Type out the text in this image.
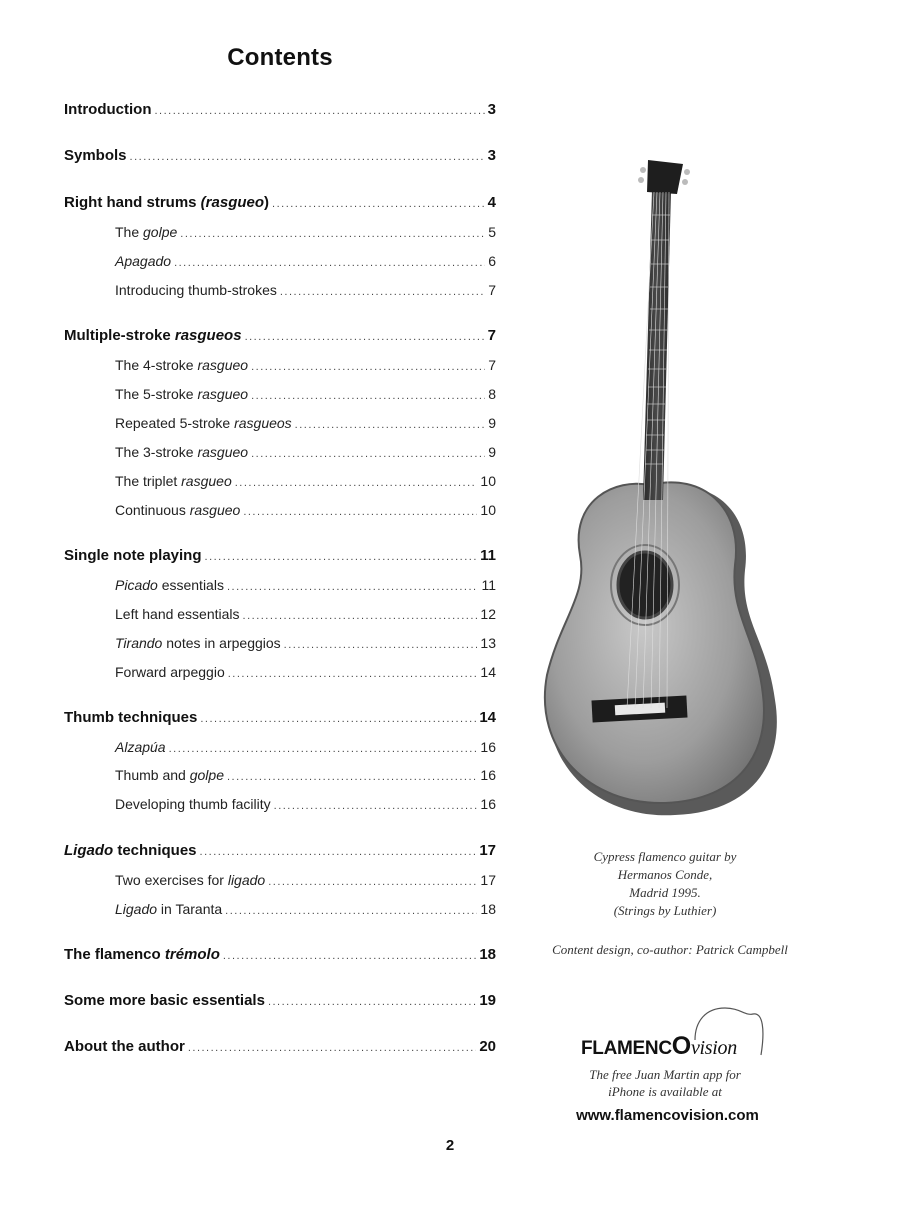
Contents
Introduction .....	3
Symbols .....	3
Right hand strums (rasgueo) .....	4
The golpe .....	5
Apagado .....	6
Introducing thumb-strokes .....	7
Multiple-stroke rasgueos .....	7
The 4-stroke rasgueo .....	7
The 5-stroke rasgueo .....	8
Repeated 5-stroke rasgueos .....	9
The 3-stroke rasgueo .....	9
The triplet rasgueo .....	10
Continuous rasgueo .....	10
Single note playing .....	11
Picado essentials .....	11
Left hand essentials .....	12
Tirando notes in arpeggios .....	13
Forward arpeggio .....	14
Thumb techniques .....	14
Alzapúa .....	16
Thumb and golpe .....	16
Developing thumb facility .....	16
Ligado techniques .....	17
Two exercises for ligado .....	17
Ligado in Taranta .....	18
The flamenco trémolo .....	18
Some more basic essentials .....	19
About the author .....	20
Cypress flamenco guitar by
Hermanos Conde,
Madrid 1995.
(Strings by Luthier)
Content design, co-author: Patrick Campbell
FLAMENCOvision
The free Juan Martin app for
iPhone is available at
www.flamencovision.com
2
